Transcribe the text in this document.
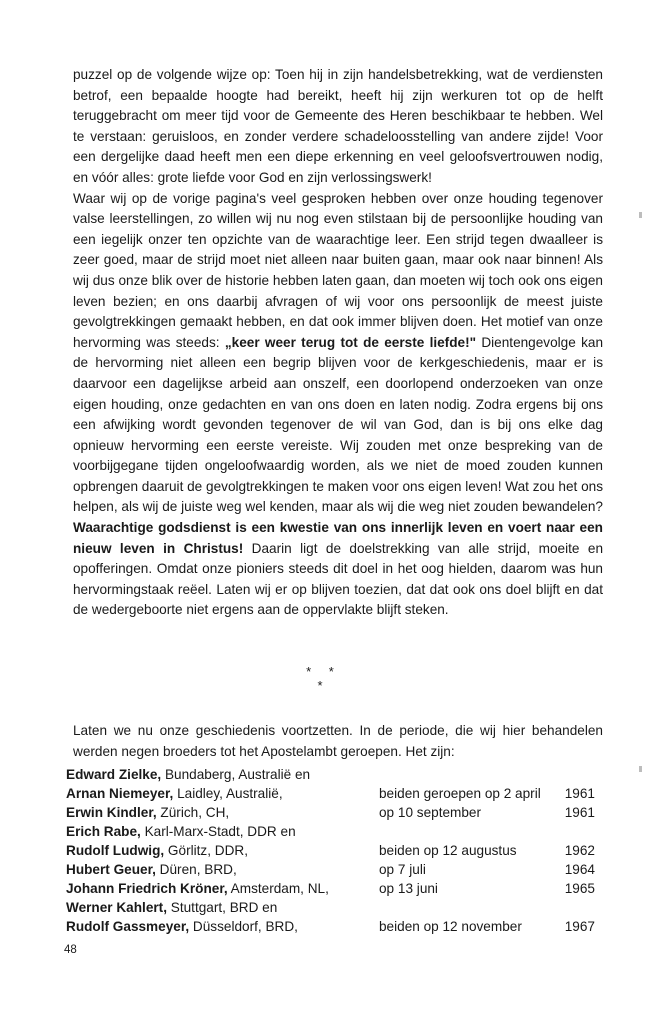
puzzel op de volgende wijze op: Toen hij in zijn handelsbetrekking, wat de verdiensten betrof, een bepaalde hoogte had bereikt, heeft hij zijn werkuren tot op de helft teruggebracht om meer tijd voor de Gemeente des Heren beschikbaar te hebben. Wel te verstaan: geruisloos, en zonder verdere schadeloosstelling van andere zijde! Voor een dergelijke daad heeft men een diepe erkenning en veel geloofsvertrouwen nodig, en vóór alles: grote liefde voor God en zijn verlossingswerk!
Waar wij op de vorige pagina's veel gesproken hebben over onze houding tegenover valse leerstellingen, zo willen wij nu nog even stilstaan bij de persoonlijke houding van een iegelijk onzer ten opzichte van de waarachtige leer. Een strijd tegen dwaalleer is zeer goed, maar de strijd moet niet alleen naar buiten gaan, maar ook naar binnen! Als wij dus onze blik over de historie hebben laten gaan, dan moeten wij toch ook ons eigen leven bezien; en ons daarbij afvragen of wij voor ons persoonlijk de meest juiste gevolgtrekkingen gemaakt hebben, en dat ook immer blijven doen. Het motief van onze hervorming was steeds: „keer weer terug tot de eerste liefde!" Dientengevolge kan de hervorming niet alleen een begrip blijven voor de kerkgeschiedenis, maar er is daarvoor een dagelijkse arbeid aan onszelf, een doorlopend onderzoeken van onze eigen houding, onze gedachten en van ons doen en laten nodig. Zodra ergens bij ons een afwijking wordt gevonden tegenover de wil van God, dan is bij ons elke dag opnieuw hervorming een eerste vereiste. Wij zouden met onze bespreking van de voorbijgegane tijden ongeloofwaardig worden, als we niet de moed zouden kunnen opbrengen daaruit de gevolgtrekkingen te maken voor ons eigen leven! Wat zou het ons helpen, als wij de juiste weg wel kenden, maar als wij die weg niet zouden bewandelen? Waarachtige godsdienst is een kwestie van ons innerlijk leven en voert naar een nieuw leven in Christus! Daarin ligt de doelstrekking van alle strijd, moeite en opofferingen. Omdat onze pioniers steeds dit doel in het oog hielden, daarom was hun hervormingstaak reëel. Laten wij er op blijven toezien, dat dat ook ons doel blijft en dat de wedergeboorte niet ergens aan de oppervlakte blijft steken.

* *
*

Laten we nu onze geschiedenis voortzetten. In de periode, die wij hier behandelen werden negen broeders tot het Apostelambt geroepen. Het zijn:

Edward Zielke, Bundaberg, Australië en
Arnan Niemeyer, Laidley, Australië,	beiden geroepen op 2 april 1961
Erwin Kindler, Zürich, CH,	op 10 september	1961
Erich Rabe, Karl-Marx-Stadt, DDR en
Rudolf Ludwig, Görlitz, DDR,	beiden op 12 augustus	1962
Hubert Geuer, Düren, BRD,	op 7 juli	1964
Johann Friedrich Kröner, Amsterdam, NL,	op 13 juni	1965
Werner Kahlert, Stuttgart, BRD en
Rudolf Gassmeyer, Düsseldorf, BRD,	beiden op 12 november	1967
48
